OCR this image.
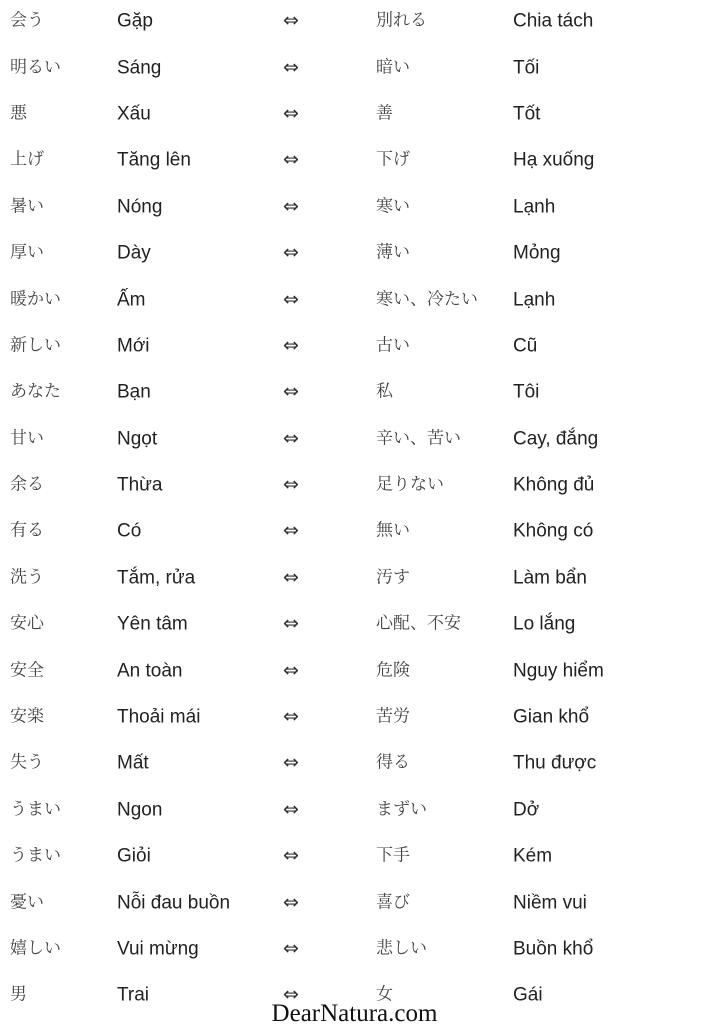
会う	Gặp	⇔	別れる	Chia tách
明るい	Sáng	⇔	暗い	Tối
悪	Xấu	⇔	善	Tốt
上げ	Tăng lên	⇔	下げ	Hạ xuống
暑い	Nóng	⇔	寒い	Lạnh
厚い	Dày	⇔	薄い	Mỏng
暖かい	Ấm	⇔	寒い、冷たい Lạnh
新しい	Mới	⇔	古い	Cũ
あなた	Bạn	⇔	私	Tôi
甘い	Ngọt	⇔	辛い、苦い	Cay, đắng
余る	Thừa	⇔	足りない	Không đủ
有る	Có	⇔	無い	Không có
洗う	Tắm, rửa	⇔	汚す	Làm bẩn
安心	Yên tâm	⇔	心配、不安	Lo lắng
安全	An toàn	⇔	危険	Nguy hiểm
安楽	Thoải mái	⇔	苦労	Gian khổ
失う	Mất	⇔	得る	Thu được
うまい	Ngon	⇔	まずい	Dở
うまい	Giỏi	⇔	下手	Kém
憂い	Nỗi đau buồn	⇔	喜び	Niềm vui
嬉しい	Vui mừng	⇔	悲しい	Buồn khổ
男	Trai	⇔	女	Gái
DearNatura.com
